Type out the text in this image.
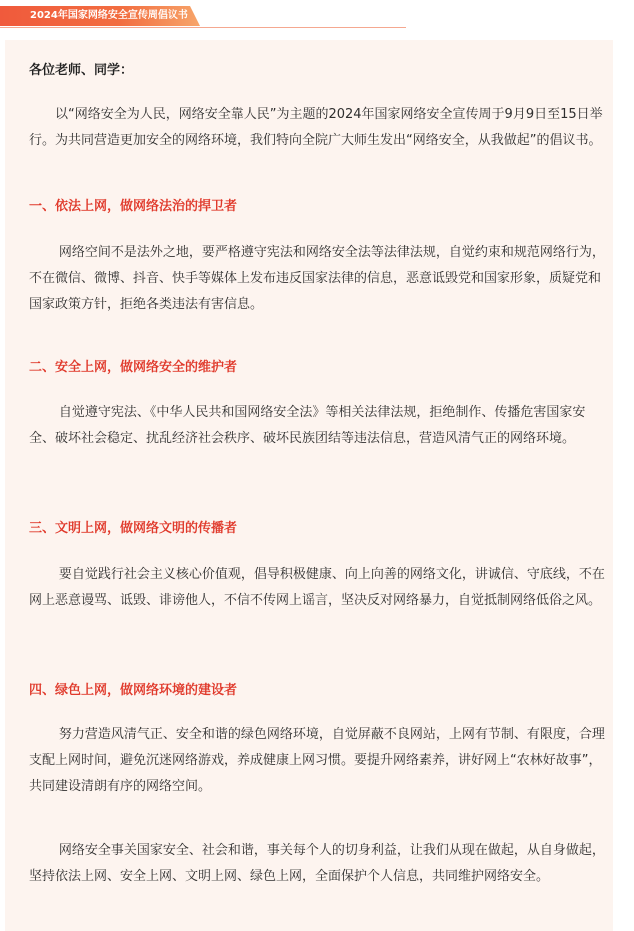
2024年国家网络安全宣传周倡议书

各位老师、同学：

以“网络安全为人民，网络安全靠人民”为主题的2024年国家网络安全宣传周于9月9日至15日举行。为共同营造更加安全的网络环境，我们特向全院广大师生发出“网络安全，从我做起”的倡议书。

一、依法上网，做网络法治的捍卫者

网络空间不是法外之地，要严格遵守宪法和网络安全法等法律法规，自觉约束和规范网络行为，不在微信、微博、抖音、快手等媒体上发布违反国家法律的信息，恶意诋毁党和国家形象，质疑党和国家政策方针，拒绝各类违法有害信息。

二、安全上网，做网络安全的维护者

自觉遵守宪法、《中华人民共和国网络安全法》等相关法律法规，拒绝制作、传播危害国家安全、破坏社会稳定、扰乱经济社会秩序、破坏民族团结等违法信息，营造风清气正的网络环境。

三、文明上网，做网络文明的传播者

要自觉践行社会主义核心价值观，倡导积极健康、向上向善的网络文化，讲诚信、守底线，不在网上恶意谩骂、诋毁、诽谤他人，不信不传网上谣言，坚决反对网络暴力，自觉抵制网络低俗之风。

四、绿色上网，做网络环境的建设者

努力营造风清气正、安全和谐的绿色网络环境，自觉屏蔽不良网站，上网有节制、有限度，合理支配上网时间，避免沉迷网络游戏，养成健康上网习惯。要提升网络素养，讲好网上“农林好故事”，共同建设清朗有序的网络空间。

网络安全事关国家安全、社会和谐，事关每个人的切身利益，让我们从现在做起，从自身做起，坚持依法上网、安全上网、文明上网、绿色上网，全面保护个人信息，共同维护网络安全。
